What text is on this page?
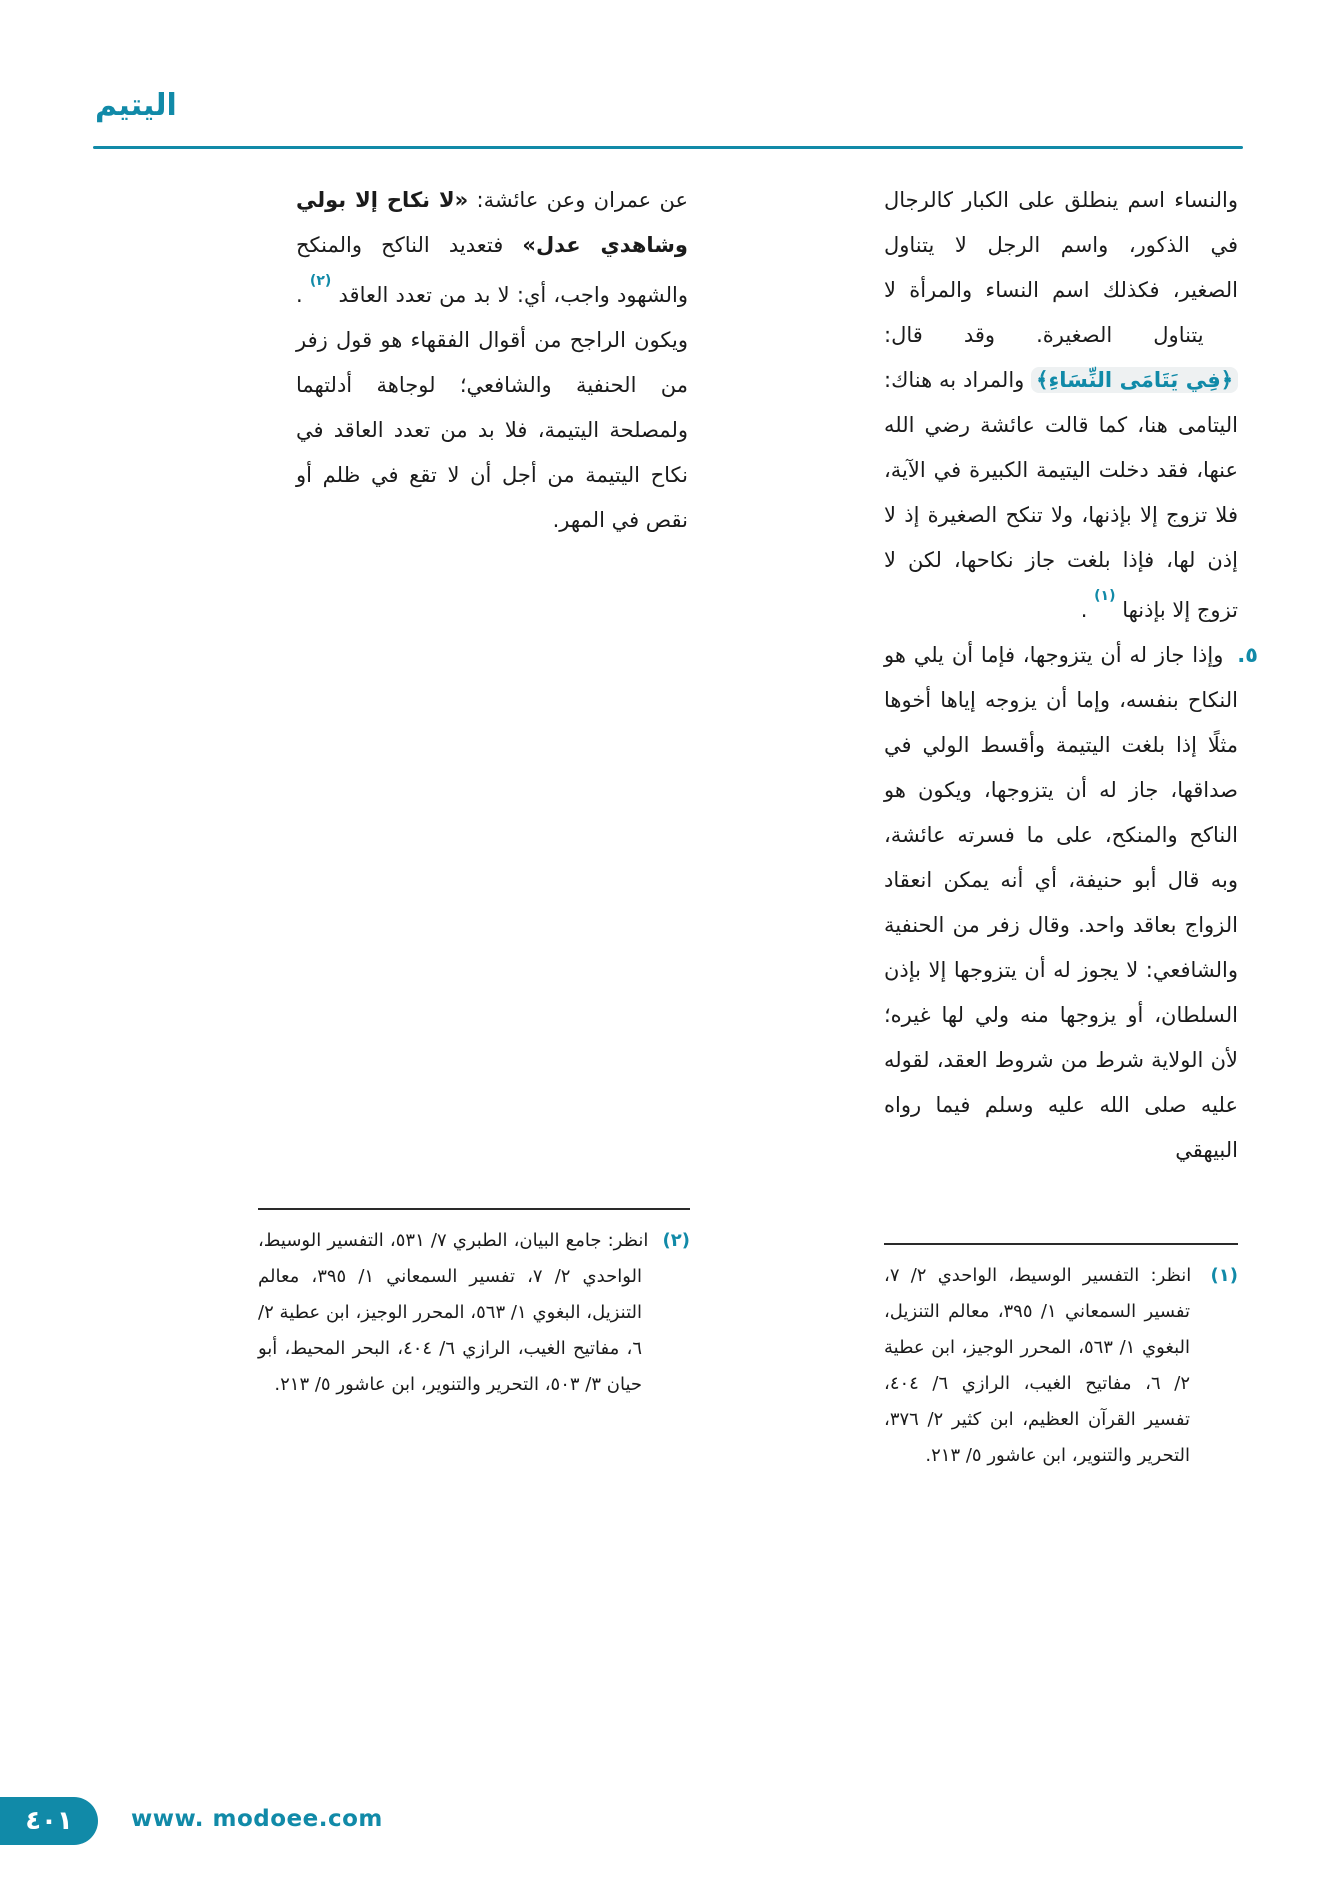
اليتيم

والنساء اسم ينطلق على الكبار كالرجال في الذكور، واسم الرجل لا يتناول الصغير، فكذلك اسم النساء والمرأة لا يتناول الصغيرة. وقد قال: ﴿فِي يَتَامَى النِّسَاءِ﴾ والمراد به هناك: اليتامى هنا، كما قالت عائشة رضي الله عنها، فقد دخلت اليتيمة الكبيرة في الآية، فلا تزوج إلا بإذنها، ولا تنكح الصغيرة إذ لا إذن لها، فإذا بلغت جاز نكاحها، لكن لا تزوج إلا بإذنها $^{(١)}$ .

٥. وإذا جاز له أن يتزوجها، فإما أن يلي هو النكاح بنفسه، وإما أن يزوجه إياها أخوها مثلًا إذا بلغت اليتيمة وأقسط الولي في صداقها، جاز له أن يتزوجها، ويكون هو الناكح والمنكح، على ما فسرته عائشة، وبه قال أبو حنيفة، أي أنه يمكن انعقاد الزواج بعاقد واحد. وقال زفر من الحنفية والشافعي: لا يجوز له أن يتزوجها إلا بإذن السلطان، أو يزوجها منه ولي لها غيره؛ لأن الولاية شرط من شروط العقد، لقوله عليه صلى الله عليه وسلم فيما رواه البيهقي

عن عمران وعن عائشة: «لا نكاح إلا بولي وشاهدي عدل» فتعديد الناكح والمنكح والشهود واجب، أي: لا بد من تعدد العاقد $^{(٢)}$ . ويكون الراجح من أقوال الفقهاء هو قول زفر من الحنفية والشافعي؛ لوجاهة أدلتهما ولمصلحة اليتيمة، فلا بد من تعدد العاقد في نكاح اليتيمة من أجل أن لا تقع في ظلم أو نقص في المهر.

(٢) انظر: جامع البيان، الطبري ٧/ ٥٣١، التفسير الوسيط، الواحدي ٢/ ٧، تفسير السمعاني ١/ ٣٩٥، معالم التنزيل، البغوي ١/ ٥٦٣، المحرر الوجيز، ابن عطية ٢/ ٦، مفاتيح الغيب، الرازي ٦/ ٤٠٤، البحر المحيط، أبو حيان ٣/ ٥٠٣، التحرير والتنوير، ابن عاشور ٥/ ٢١٣.

(١) انظر: التفسير الوسيط، الواحدي ٢/ ٧، تفسير السمعاني ١/ ٣٩٥، معالم التنزيل، البغوي ١/ ٥٦٣، المحرر الوجيز، ابن عطية ٢/ ٦، مفاتيح الغيب، الرازي ٦/ ٤٠٤، تفسير القرآن العظيم، ابن كثير ٢/ ٣٧٦، التحرير والتنوير، ابن عاشور ٥/ ٢١٣.

٤٠١	www. modoee.com
